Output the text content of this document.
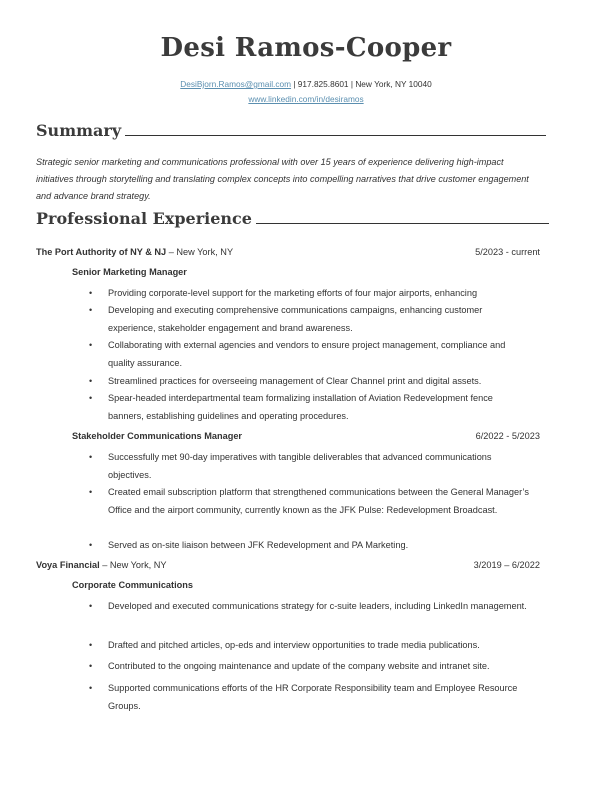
Desi Ramos-Cooper
DesiBjorn.Ramos@gmail.com | 917.825.8601 | New York, NY 10040
www.linkedin.com/in/desiramos
Summary
Strategic senior marketing and communications professional with over 15 years of experience delivering high-impact initiatives through storytelling and translating complex concepts into compelling narratives that drive customer engagement and advance brand strategy.
Professional Experience
The Port Authority of NY & NJ – New York, NY	5/2023 - current
Senior Marketing Manager
• Providing corporate-level support for the marketing efforts of four major airports, enhancing
• Developing and executing comprehensive communications campaigns, enhancing customer experience, stakeholder engagement and brand awareness.
• Collaborating with external agencies and vendors to ensure project management, compliance and quality assurance.
• Streamlined practices for overseeing management of Clear Channel print and digital assets.
• Spear-headed interdepartmental team formalizing installation of Aviation Redevelopment fence banners, establishing guidelines and operating procedures.
Stakeholder Communications Manager	6/2022 - 5/2023
• Successfully met 90-day imperatives with tangible deliverables that advanced communications objectives.
• Created email subscription platform that strengthened communications between the General Manager’s Office and the airport community, currently known as the JFK Pulse: Redevelopment Broadcast.
• Served as on-site liaison between JFK Redevelopment and PA Marketing.
Voya Financial – New York, NY	3/2019 – 6/2022
Corporate Communications
• Developed and executed communications strategy for c-suite leaders, including LinkedIn management.
• Drafted and pitched articles, op-eds and interview opportunities to trade media publications.
• Contributed to the ongoing maintenance and update of the company website and intranet site.
• Supported communications efforts of the HR Corporate Responsibility team and Employee Resource Groups.
